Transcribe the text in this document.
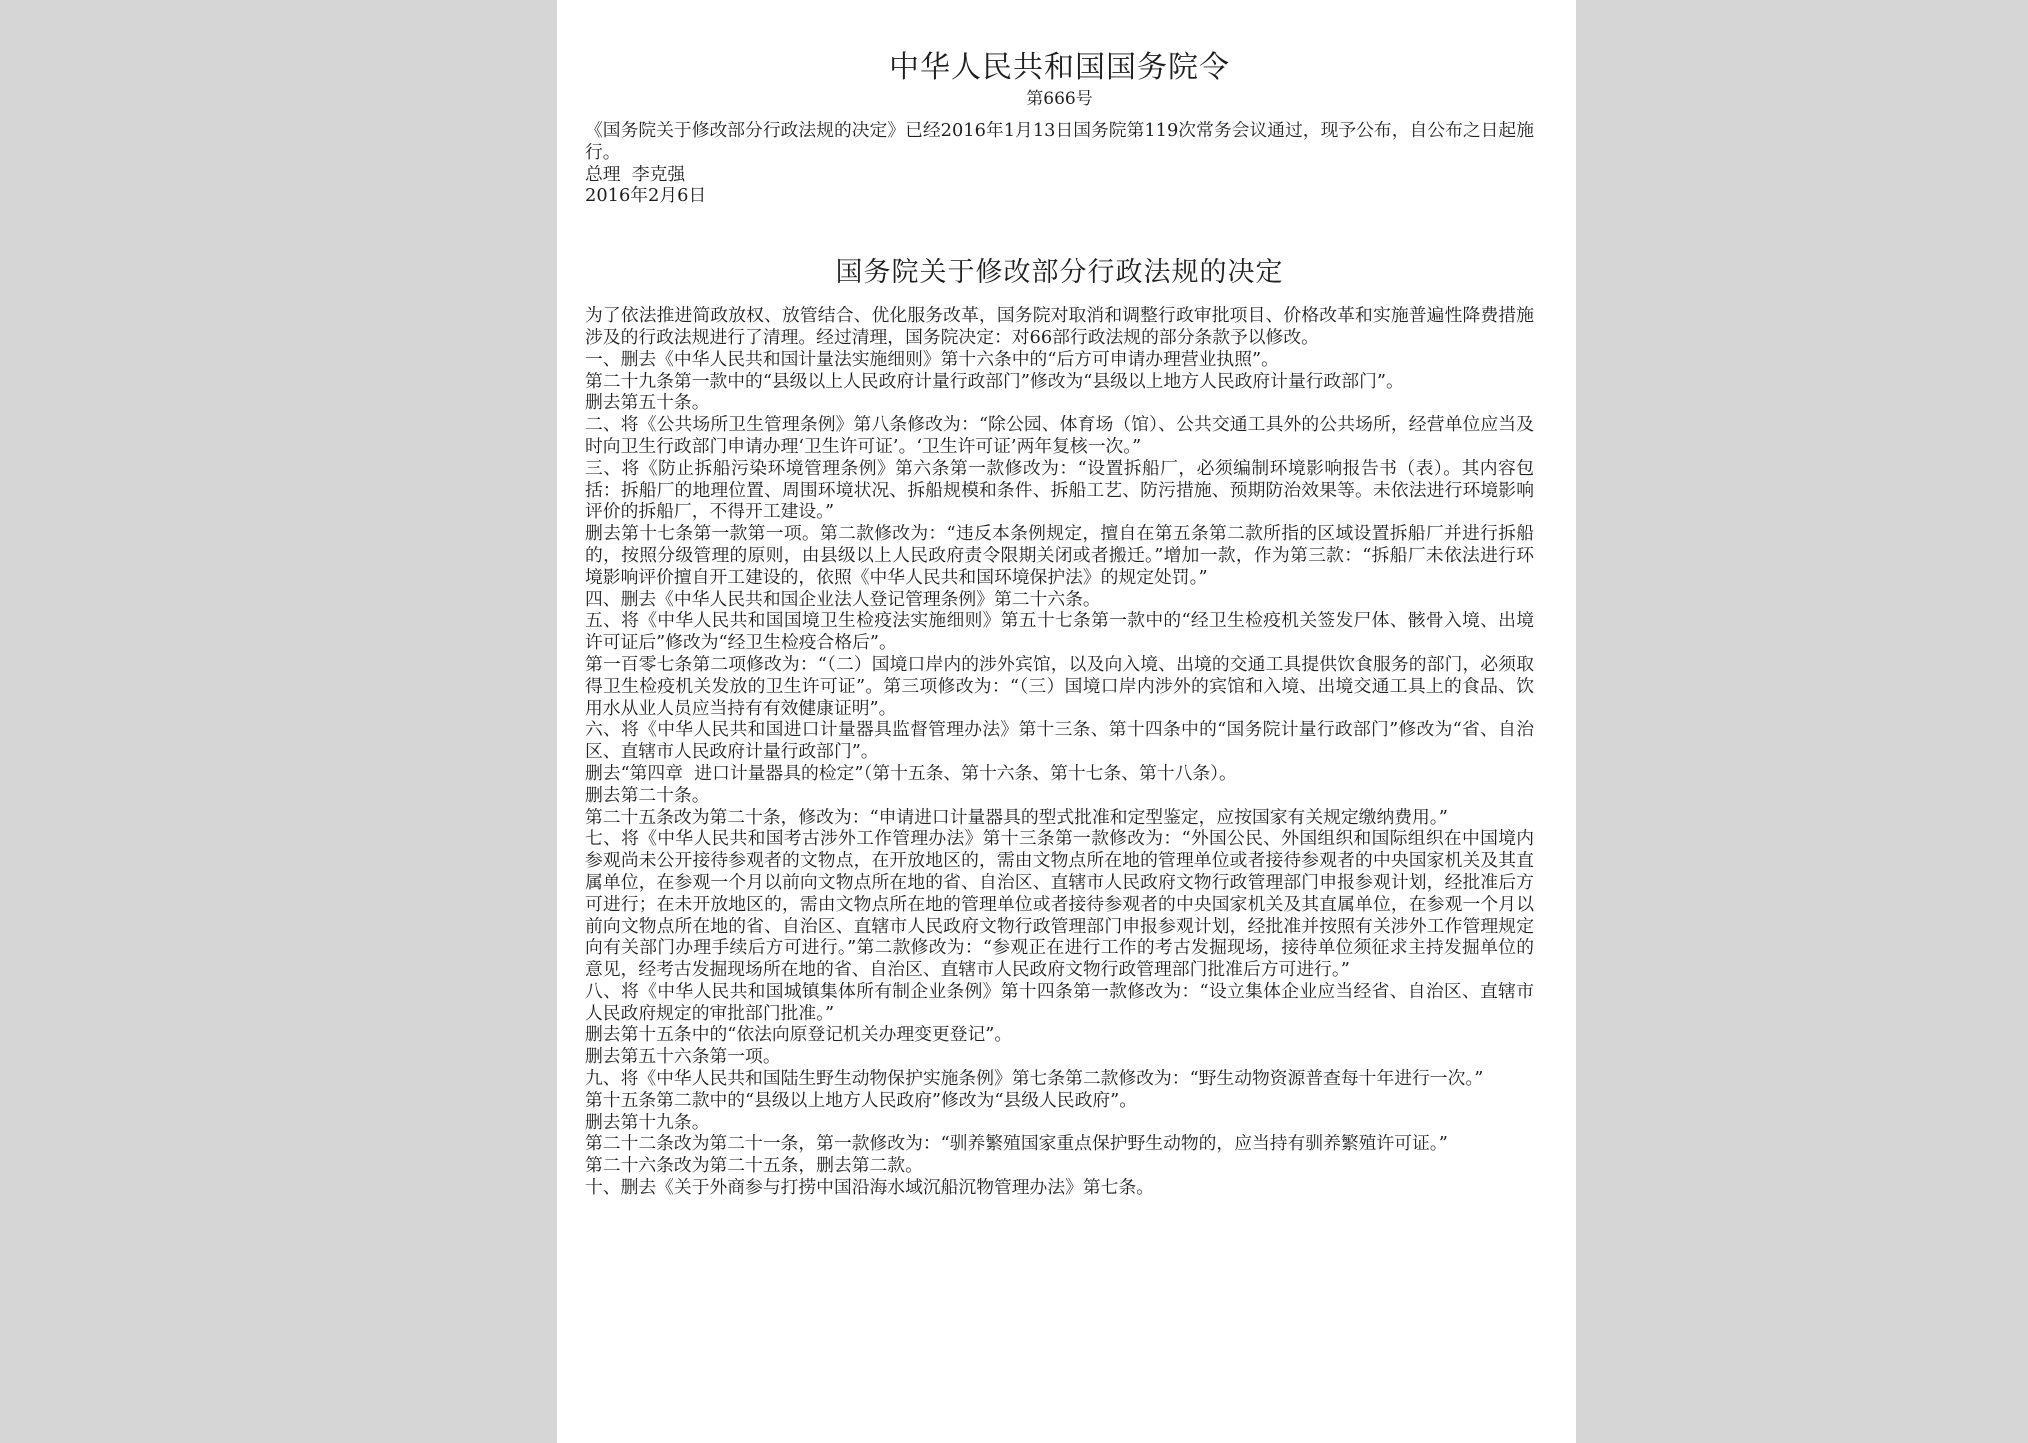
中华人民共和国国务院令
第666号

《国务院关于修改部分行政法规的决定》已经2016年1月13日国务院第119次常务会议通过，现予公布，自公布之日起施行。

总理  李克强

2016年2月6日

国务院关于修改部分行政法规的决定

为了依法推进简政放权、放管结合、优化服务改革，国务院对取消和调整行政审批项目、价格改革和实施普遍性降费措施涉及的行政法规进行了清理。经过清理，国务院决定：对66部行政法规的部分条款予以修改。

一、删去《中华人民共和国计量法实施细则》第十六条中的“后方可申请办理营业执照”。

第二十九条第一款中的“县级以上人民政府计量行政部门”修改为“县级以上地方人民政府计量行政部门”。

删去第五十条。

二、将《公共场所卫生管理条例》第八条修改为：“除公园、体育场（馆）、公共交通工具外的公共场所，经营单位应当及时向卫生行政部门申请办理‘卫生许可证’。‘卫生许可证’两年复核一次。”

三、将《防止拆船污染环境管理条例》第六条第一款修改为：“设置拆船厂，必须编制环境影响报告书（表）。其内容包括：拆船厂的地理位置、周围环境状况、拆船规模和条件、拆船工艺、防污措施、预期防治效果等。未依法进行环境影响评价的拆船厂，不得开工建设。”

删去第十七条第一款第一项。第二款修改为：“违反本条例规定，擅自在第五条第二款所指的区域设置拆船厂并进行拆船的，按照分级管理的原则，由县级以上人民政府责令限期关闭或者搬迁。”增加一款，作为第三款：“拆船厂未依法进行环境影响评价擅自开工建设的，依照《中华人民共和国环境保护法》的规定处罚。”

四、删去《中华人民共和国企业法人登记管理条例》第二十六条。

五、将《中华人民共和国国境卫生检疫法实施细则》第五十七条第一款中的“经卫生检疫机关签发尸体、骸骨入境、出境许可证后”修改为“经卫生检疫合格后”。

第一百零七条第二项修改为：“（二）国境口岸内的涉外宾馆，以及向入境、出境的交通工具提供饮食服务的部门，必须取得卫生检疫机关发放的卫生许可证”。第三项修改为：“（三）国境口岸内涉外的宾馆和入境、出境交通工具上的食品、饮用水从业人员应当持有有效健康证明”。

六、将《中华人民共和国进口计量器具监督管理办法》第十三条、第十四条中的“国务院计量行政部门”修改为“省、自治区、直辖市人民政府计量行政部门”。

删去“第四章  进口计量器具的检定”（第十五条、第十六条、第十七条、第十八条）。

删去第二十条。

第二十五条改为第二十条，修改为：“申请进口计量器具的型式批准和定型鉴定，应按国家有关规定缴纳费用。”

七、将《中华人民共和国考古涉外工作管理办法》第十三条第一款修改为：“外国公民、外国组织和国际组织在中国境内参观尚未公开接待参观者的文物点，在开放地区的，需由文物点所在地的管理单位或者接待参观者的中央国家机关及其直属单位，在参观一个月以前向文物点所在地的省、自治区、直辖市人民政府文物行政管理部门申报参观计划，经批准后方可进行；在未开放地区的，需由文物点所在地的管理单位或者接待参观者的中央国家机关及其直属单位，在参观一个月以前向文物点所在地的省、自治区、直辖市人民政府文物行政管理部门申报参观计划，经批准并按照有关涉外工作管理规定向有关部门办理手续后方可进行。”第二款修改为：“参观正在进行工作的考古发掘现场，接待单位须征求主持发掘单位的意见，经考古发掘现场所在地的省、自治区、直辖市人民政府文物行政管理部门批准后方可进行。”

八、将《中华人民共和国城镇集体所有制企业条例》第十四条第一款修改为：“设立集体企业应当经省、自治区、直辖市人民政府规定的审批部门批准。”

删去第十五条中的“依法向原登记机关办理变更登记”。

删去第五十六条第一项。

九、将《中华人民共和国陆生野生动物保护实施条例》第七条第二款修改为：“野生动物资源普查每十年进行一次。”

第十五条第二款中的“县级以上地方人民政府”修改为“县级人民政府”。

删去第十九条。

第二十二条改为第二十一条，第一款修改为：“驯养繁殖国家重点保护野生动物的，应当持有驯养繁殖许可证。”

第二十六条改为第二十五条，删去第二款。

十、删去《关于外商参与打捞中国沿海水域沉船沉物管理办法》第七条。
